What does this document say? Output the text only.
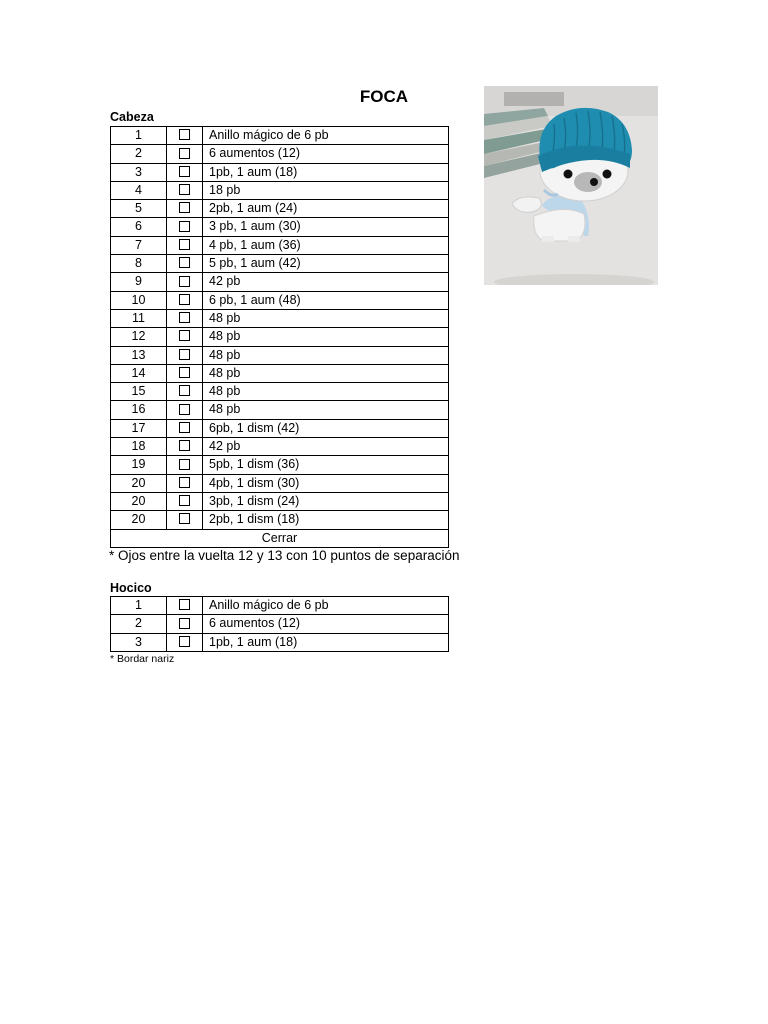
FOCA
Cabeza
1		Anillo mágico de 6 pb
2		6 aumentos (12)
3		1pb, 1 aum (18)
4		18 pb
5		2pb, 1 aum (24)
6		3 pb, 1 aum (30)
7		4 pb, 1 aum (36)
8		5 pb, 1 aum (42)
9		42 pb
10		6 pb, 1 aum (48)
11		48 pb
12		48 pb
13		48 pb
14		48 pb
15		48 pb
16		48 pb
17		6pb, 1 dism (42)
18		42 pb
19		5pb, 1 dism (36)
20		4pb, 1 dism (30)
20		3pb, 1 dism (24)
20		2pb, 1 dism (18)
Cerrar		
* Ojos entre la vuelta 12 y 13 con 10 puntos de separación
Hocico
1		Anillo mágico de 6 pb
2		6 aumentos (12)
3		1pb, 1 aum (18)
* Bordar nariz
